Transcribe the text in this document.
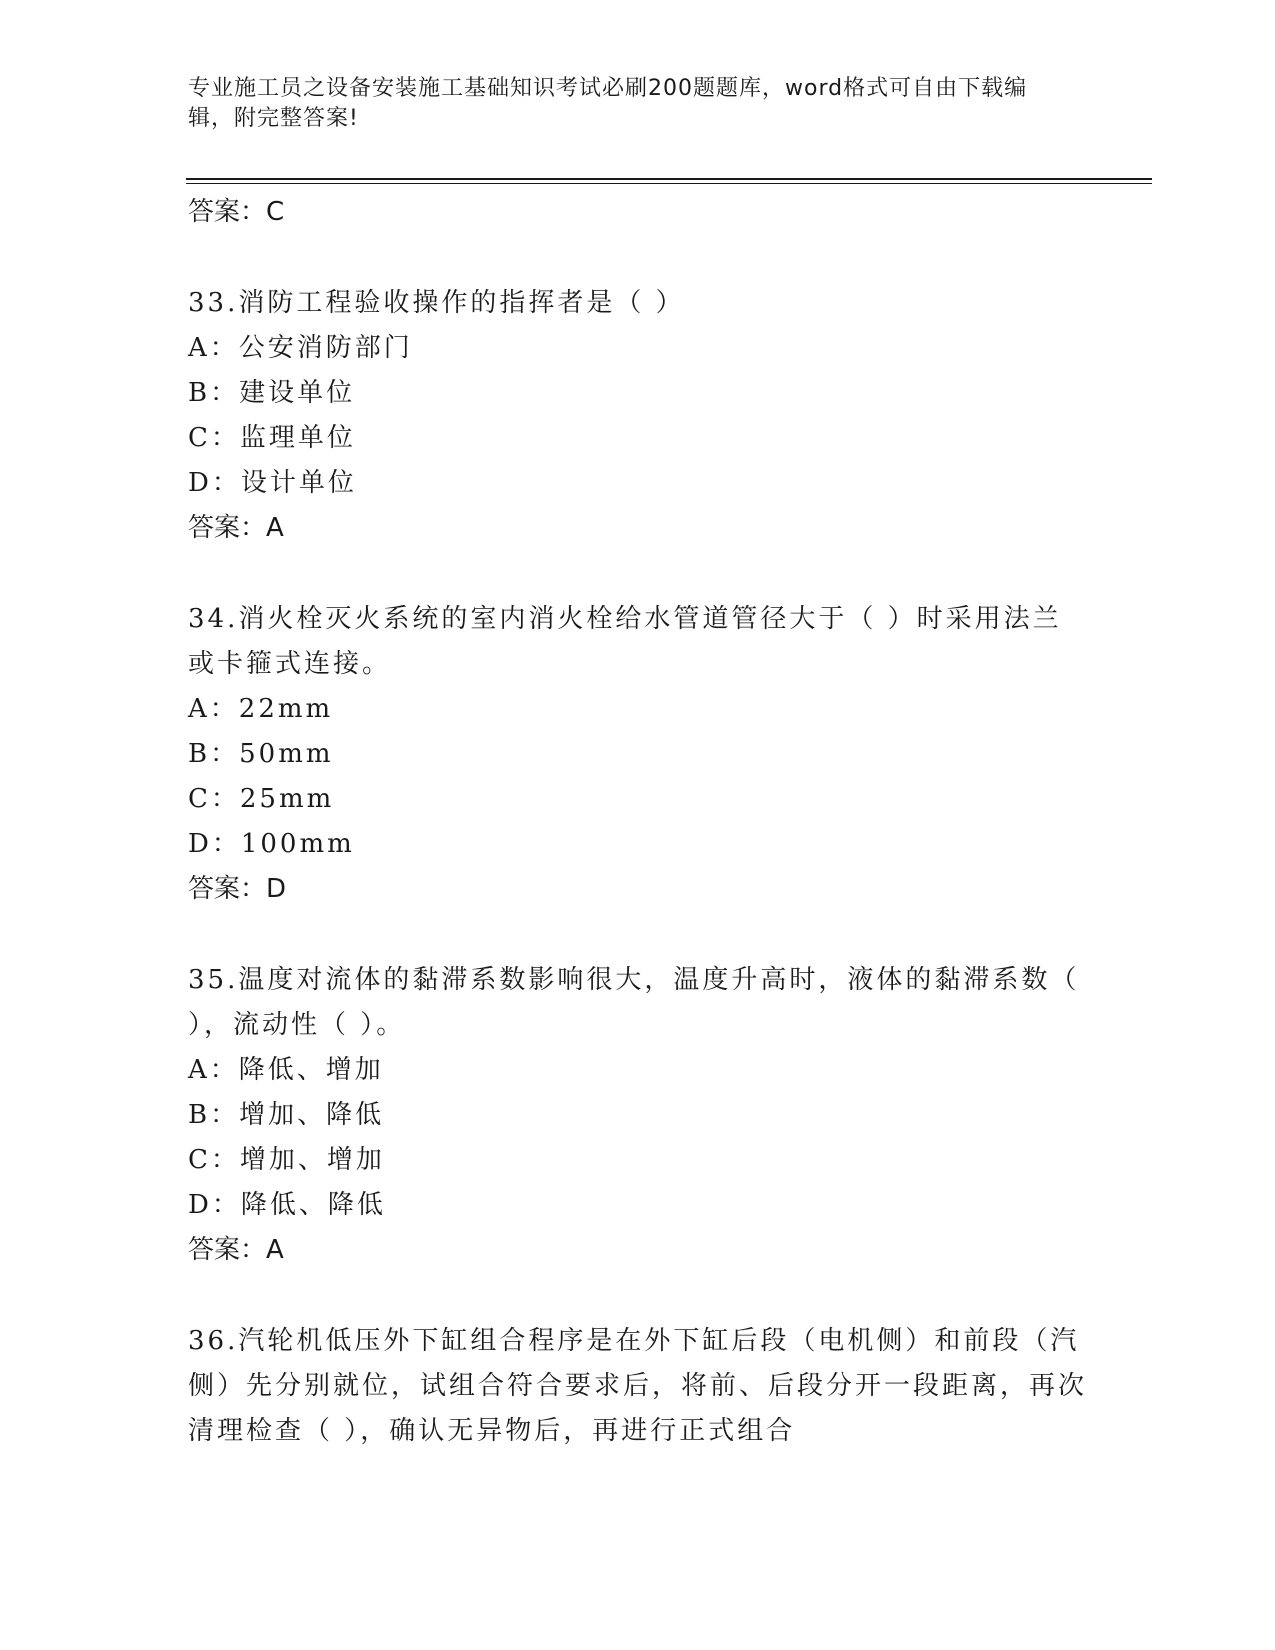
专业施工员之设备安装施工基础知识考试必刷200题题库，word格式可自由下载编辑，附完整答案!
答案：C

33.消防工程验收操作的指挥者是（ ）

A：公安消防部门
B：建设单位
C：监理单位
D：设计单位
答案：A

34.消火栓灭火系统的室内消火栓给水管道管径大于（ ）时采用法兰或卡箍式连接。

A：22mm
B：50mm
C：25mm
D：100mm
答案：D

35.温度对流体的黏滞系数影响很大，温度升高时，液体的黏滞系数（ ），流动性（ ）。

A：降低、增加
B：增加、降低
C：增加、增加
D：降低、降低
答案：A

36.汽轮机低压外下缸组合程序是在外下缸后段（电机侧）和前段（汽侧）先分别就位，试组合符合要求后，将前、后段分开一段距离，再次清理检查（ ），确认无异物后，再进行正式组合
